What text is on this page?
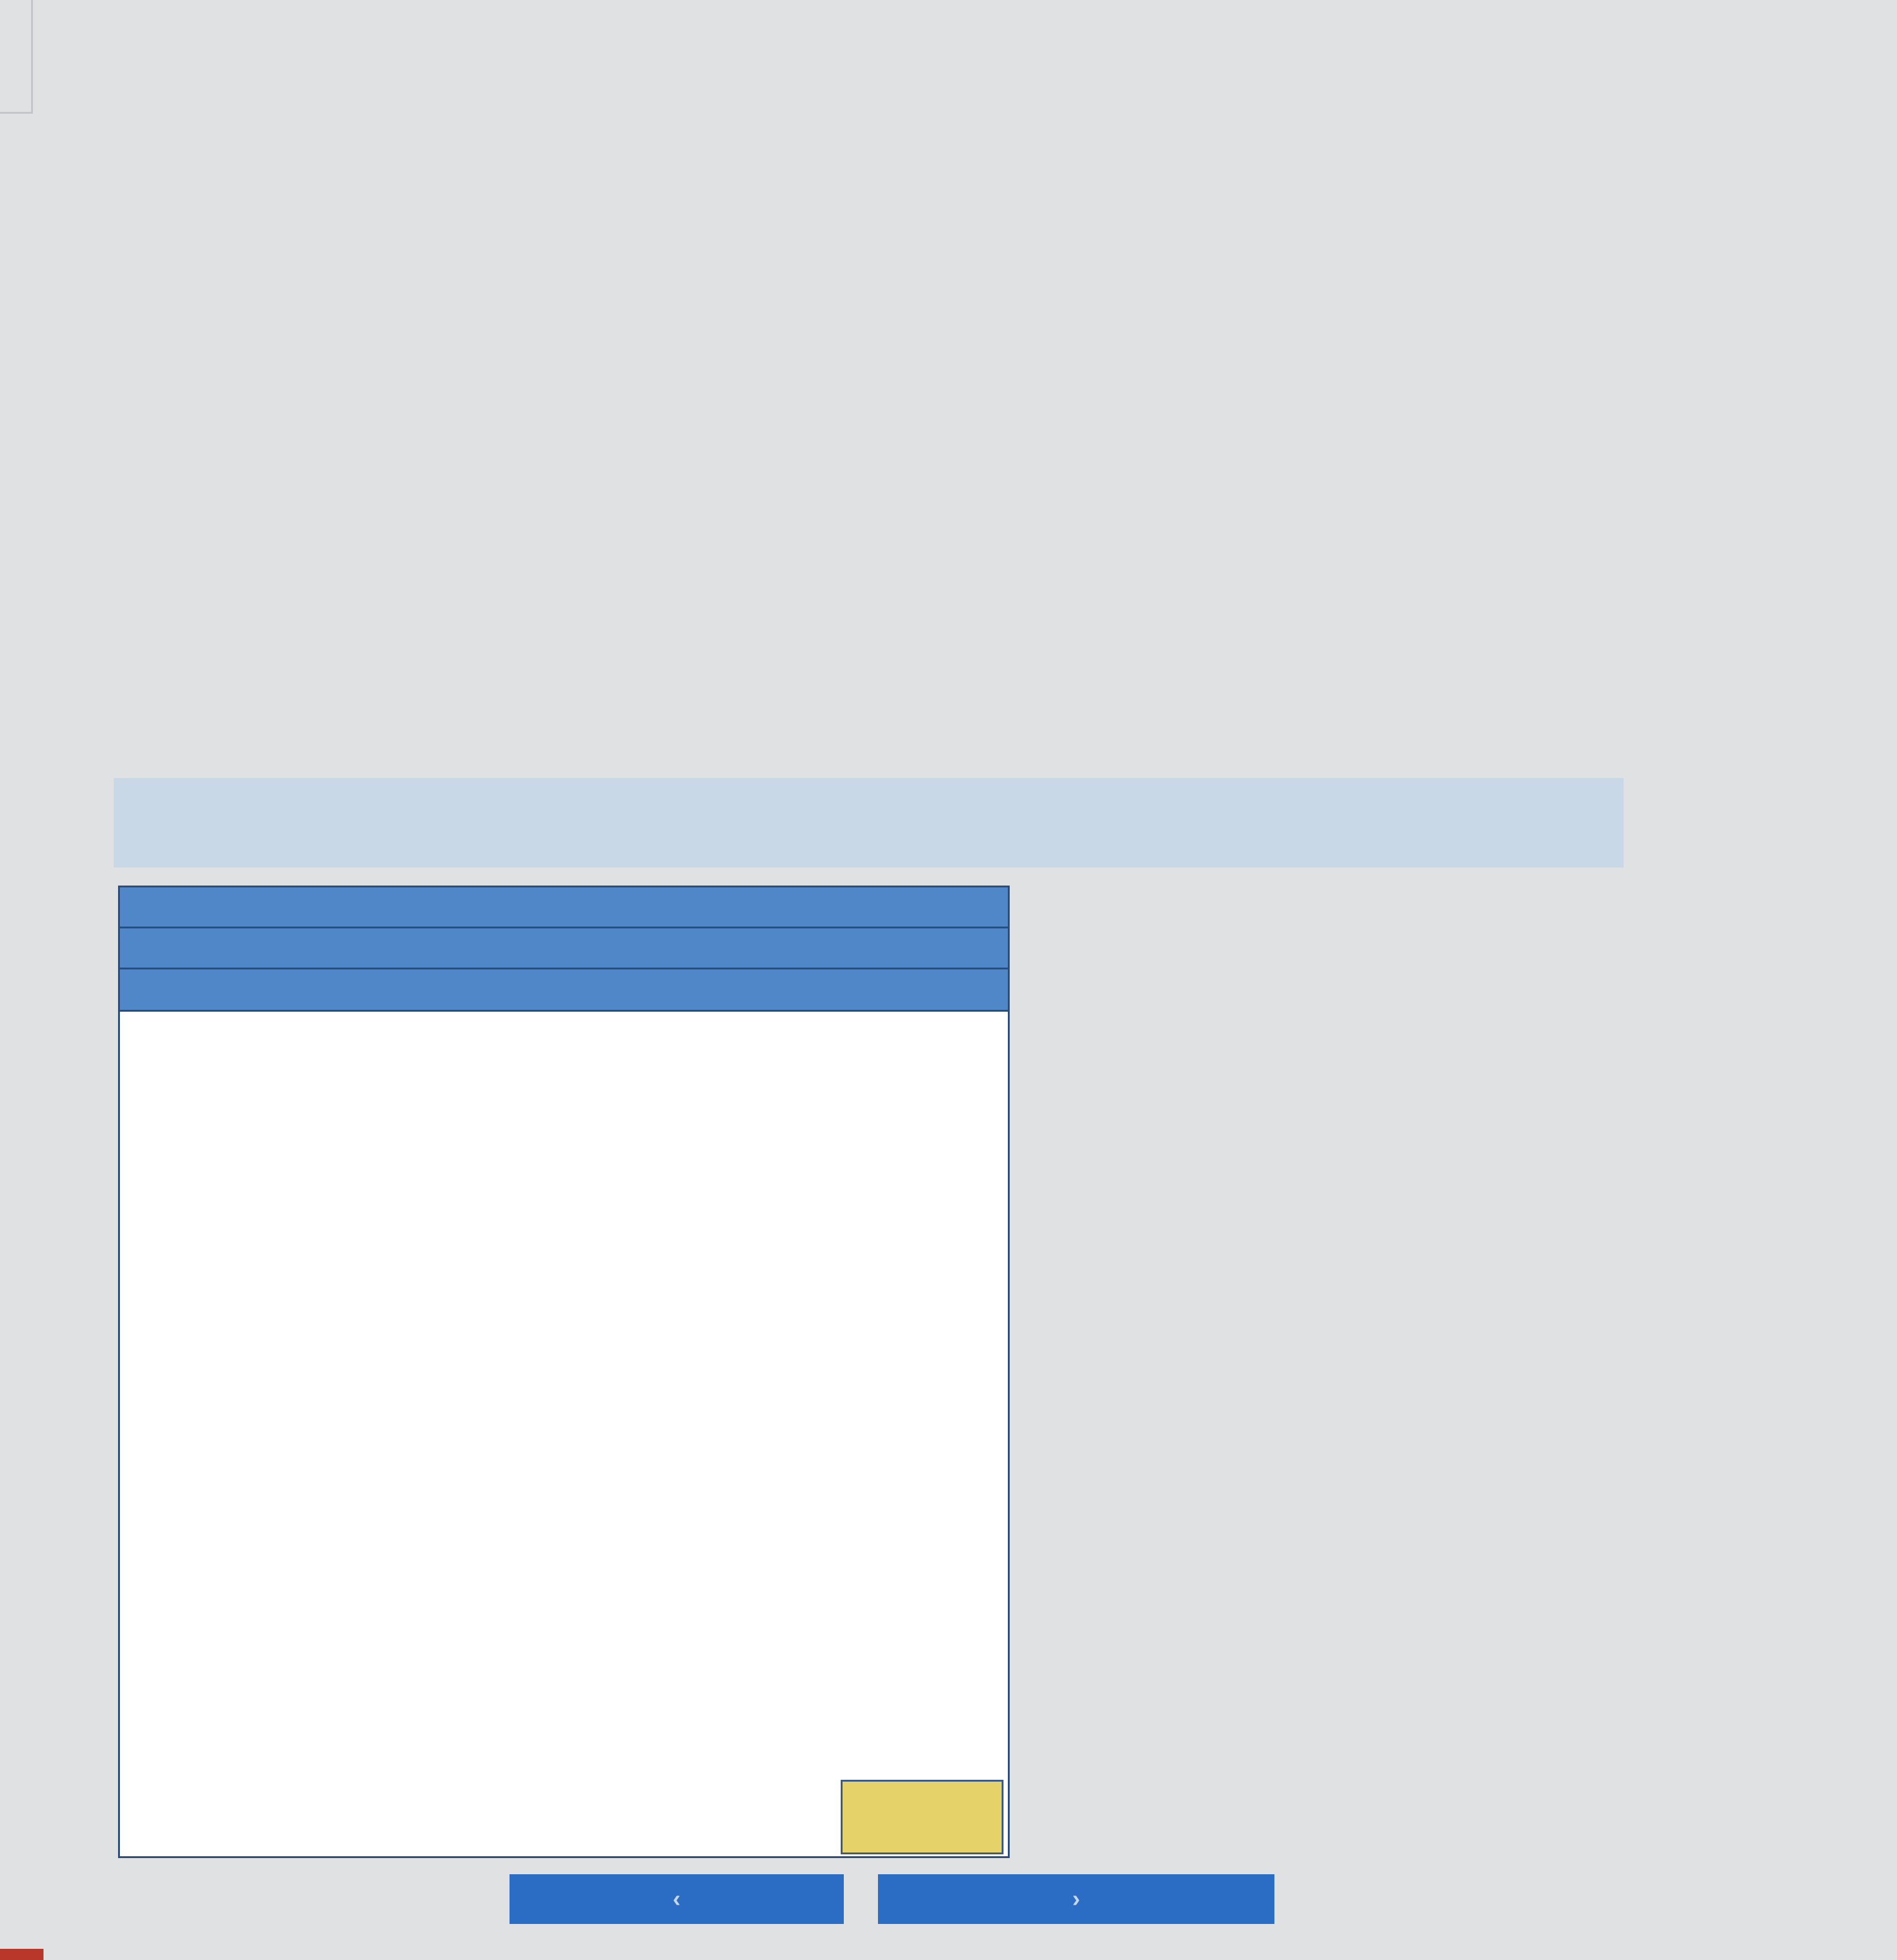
‹	›
